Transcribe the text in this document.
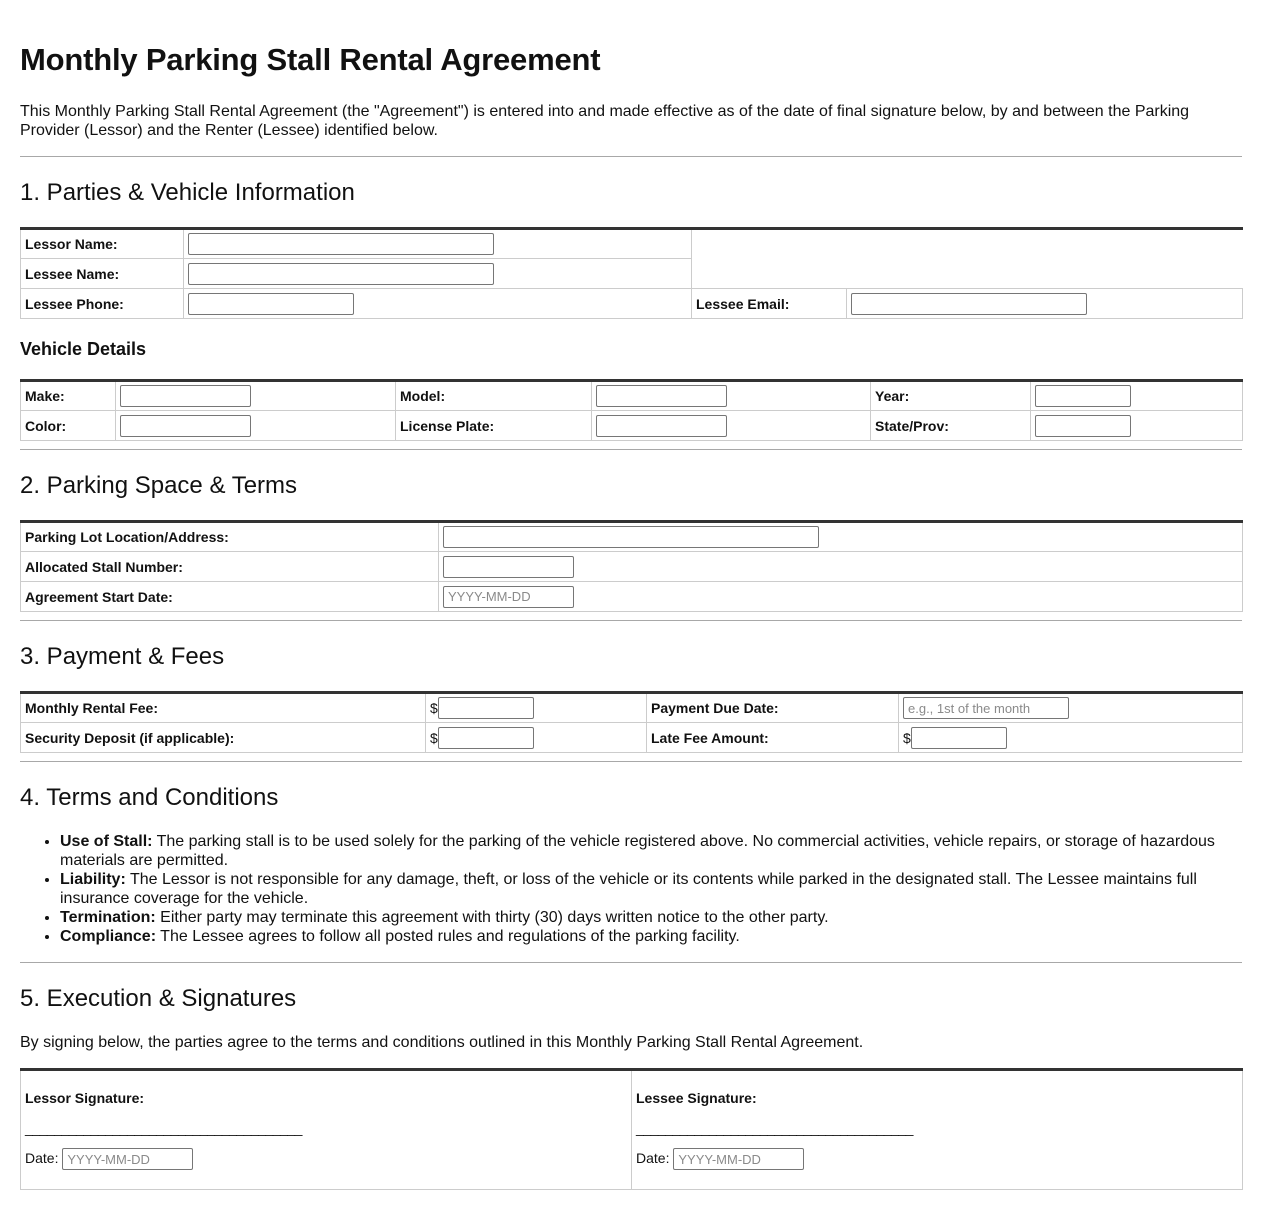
Monthly Parking Stall Rental Agreement

This Monthly Parking Stall Rental Agreement (the "Agreement") is entered into and made effective as of the date of final signature below, by and between the Parking Provider (Lessor) and the Renter (Lessee) identified below.

1. Parties & Vehicle Information
Lessor Name:		
Lessee Name:		
Lessee Phone:		Lessee Email:	
Vehicle Details
Make:		Model:		Year:	
Color:		License Plate:		State/Prov:	
2. Parking Space & Terms
Parking Lot Location/Address:	
Allocated Stall Number:	
Agreement Start Date:	YYYY-MM-DD
3. Payment & Fees
Monthly Rental Fee:	$	Payment Due Date:	e.g., 1st of the month
Security Deposit (if applicable):	$	Late Fee Amount:	$
4. Terms and Conditions
• Use of Stall: The parking stall is to be used solely for the parking of the vehicle registered above. No commercial activities, vehicle repairs, or storage of hazardous materials are permitted.
• Liability: The Lessor is not responsible for any damage, theft, or loss of the vehicle or its contents while parked in the designated stall. The Lessee maintains full insurance coverage for the vehicle.
• Termination: Either party may terminate this agreement with thirty (30) days written notice to the other party.
• Compliance: The Lessee agrees to follow all posted rules and regulations of the parking facility.
5. Execution & Signatures

By signing below, the parties agree to the terms and conditions outlined in this Monthly Parking Stall Rental Agreement.

Lessor Signature:
______________________________________
Date: YYYY-MM-DD

Lessee Signature:
______________________________________
Date: YYYY-MM-DD
